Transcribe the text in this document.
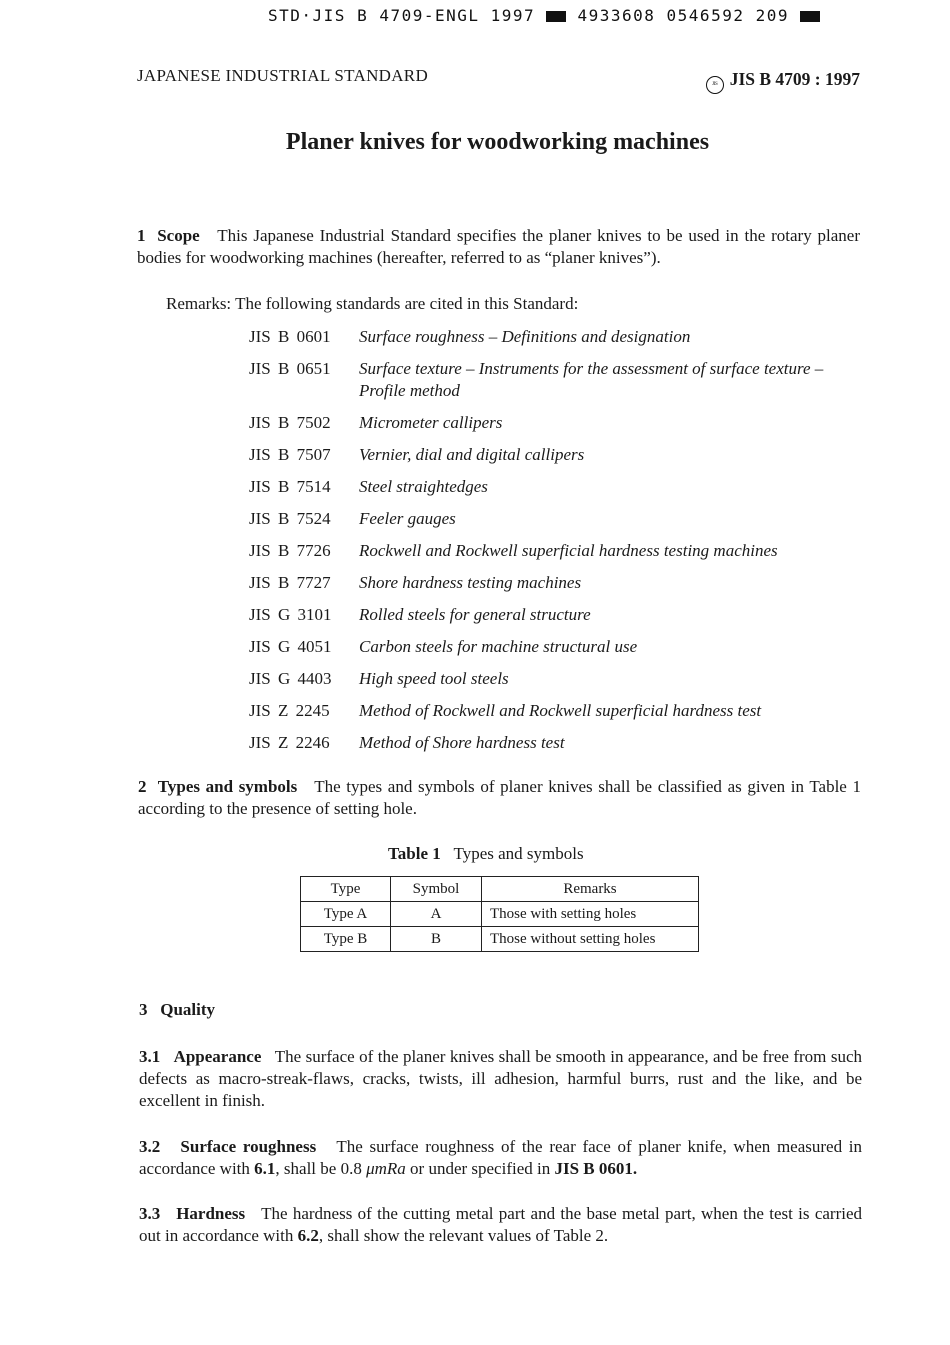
STD·JIS B 4709-ENGL 1997	4933608 0546592 209
JAPANESE INDUSTRIAL STANDARD	JIS JIS B 4709 : 1997
Planer knives for woodworking machines
1 Scope This Japanese Industrial Standard specifies the planer knives to be used in the rotary planer bodies for woodworking machines (hereafter, referred to as “planer knives”).
Remarks: The following standards are cited in this Standard:
JIS B 0601 Surface roughness – Definitions and designation
JIS B 0651 Surface texture – Instruments for the assessment of surface texture – Profile method
JIS B 7502 Micrometer callipers
JIS B 7507 Vernier, dial and digital callipers
JIS B 7514 Steel straightedges
JIS B 7524 Feeler gauges
JIS B 7726 Rockwell and Rockwell superficial hardness testing machines
JIS B 7727 Shore hardness testing machines
JIS G 3101 Rolled steels for general structure
JIS G 4051 Carbon steels for machine structural use
JIS G 4403 High speed tool steels
JIS Z 2245 Method of Rockwell and Rockwell superficial hardness test
JIS Z 2246 Method of Shore hardness test
2 Types and symbols The types and symbols of planer knives shall be classified as given in Table 1 according to the presence of setting hole.
Table 1 Types and symbols
Type	Symbol	Remarks
Type A	A	Those with setting holes
Type B	B	Those without setting holes
3 Quality
3.1 Appearance The surface of the planer knives shall be smooth in appearance, and be free from such defects as macro-streak-flaws, cracks, twists, ill adhesion, harmful burrs, rust and the like, and be excellent in finish.
3.2 Surface roughness The surface roughness of the rear face of planer knife, when measured in accordance with 6.1, shall be 0.8 μmRa or under specified in JIS B 0601.
3.3 Hardness The hardness of the cutting metal part and the base metal part, when the test is carried out in accordance with 6.2, shall show the relevant values of Table 2.
